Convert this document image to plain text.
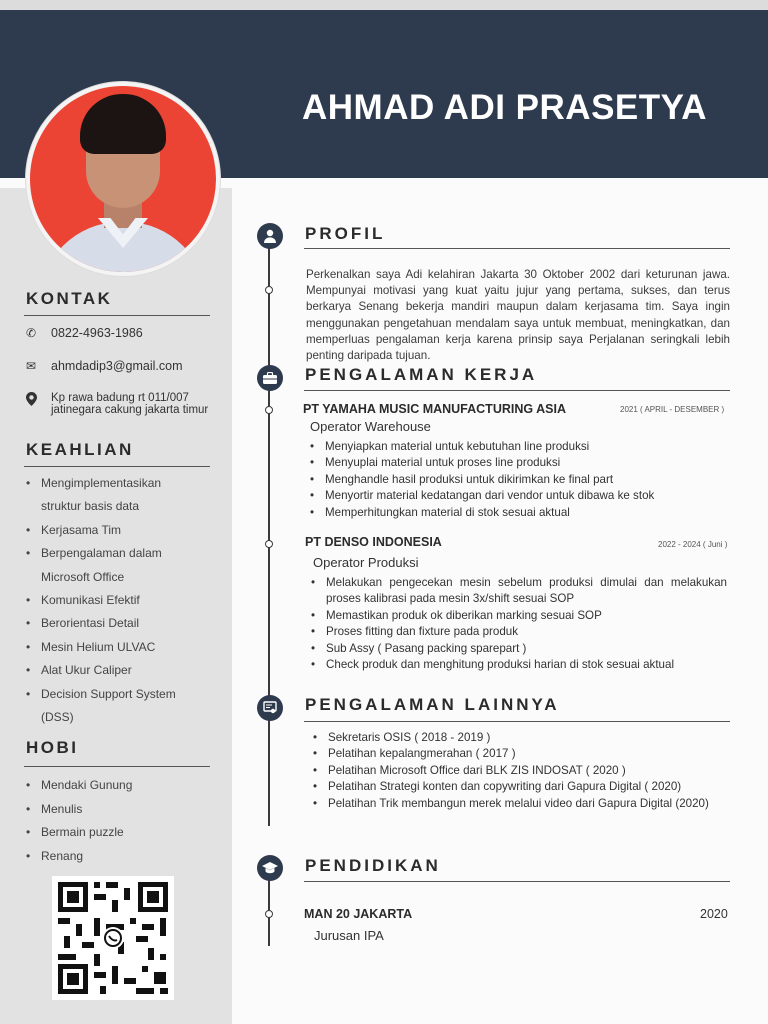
AHMAD ADI PRASETYA
KONTAK
✆	0822-4963-1986
✉	ahmdadip3@gmail.com
Kp rawa badung rt 011/007 jatinegara cakung jakarta timur
KEAHLIAN
• Mengimplementasikan struktur basis data
• Kerjasama Tim
• Berpengalaman dalam Microsoft Office
• Komunikasi Efektif
• Berorientasi Detail
• Mesin Helium ULVAC
• Alat Ukur Caliper
• Decision Support System (DSS)
HOBI
• Mendaki Gunung
• Menulis
• Bermain puzzle
• Renang
PROFIL
Perkenalkan saya Adi kelahiran Jakarta 30 Oktober 2002 dari keturunan jawa. Mempunyai motivasi yang kuat yaitu jujur yang pertama, sukses, dan terus berkarya Senang bekerja mandiri maupun dalam kerjasama tim. Saya ingin menggunakan pengetahuan mendalam saya untuk membuat, meningkatkan, dan memperluas pengalaman kerja karena prinsip saya Perjalanan seringkali lebih penting daripada tujuan.
PENGALAMAN KERJA
PT YAMAHA MUSIC MANUFACTURING ASIA	2021 ( APRIL - DESEMBER )
Operator Warehouse
• Menyiapkan material untuk kebutuhan line produksi
• Menyuplai material untuk proses line produksi
• Menghandle hasil produksi untuk dikirimkan ke final part
• Menyortir material kedatangan dari vendor untuk dibawa ke stok
• Memperhitungkan material di stok sesuai aktual
PT DENSO INDONESIA	2022 - 2024 ( Juni )
Operator Produksi
• Melakukan pengecekan mesin sebelum produksi dimulai dan melakukan proses kalibrasi pada mesin 3x/shift sesuai SOP
• Memastikan produk ok diberikan marking sesuai SOP
• Proses fitting dan fixture pada produk
• Sub Assy ( Pasang packing sparepart )
• Check produk dan menghitung produksi harian di stok sesuai aktual
PENGALAMAN LAINNYA
• Sekretaris OSIS ( 2018 - 2019 )
• Pelatihan kepalangmerahan ( 2017 )
• Pelatihan Microsoft Office dari BLK ZIS INDOSAT ( 2020 )
• Pelatihan Strategi konten dan copywriting dari Gapura Digital ( 2020)
• Pelatihan Trik membangun merek melalui video dari Gapura Digital (2020)
PENDIDIKAN
MAN 20 JAKARTA	2020
Jurusan IPA
